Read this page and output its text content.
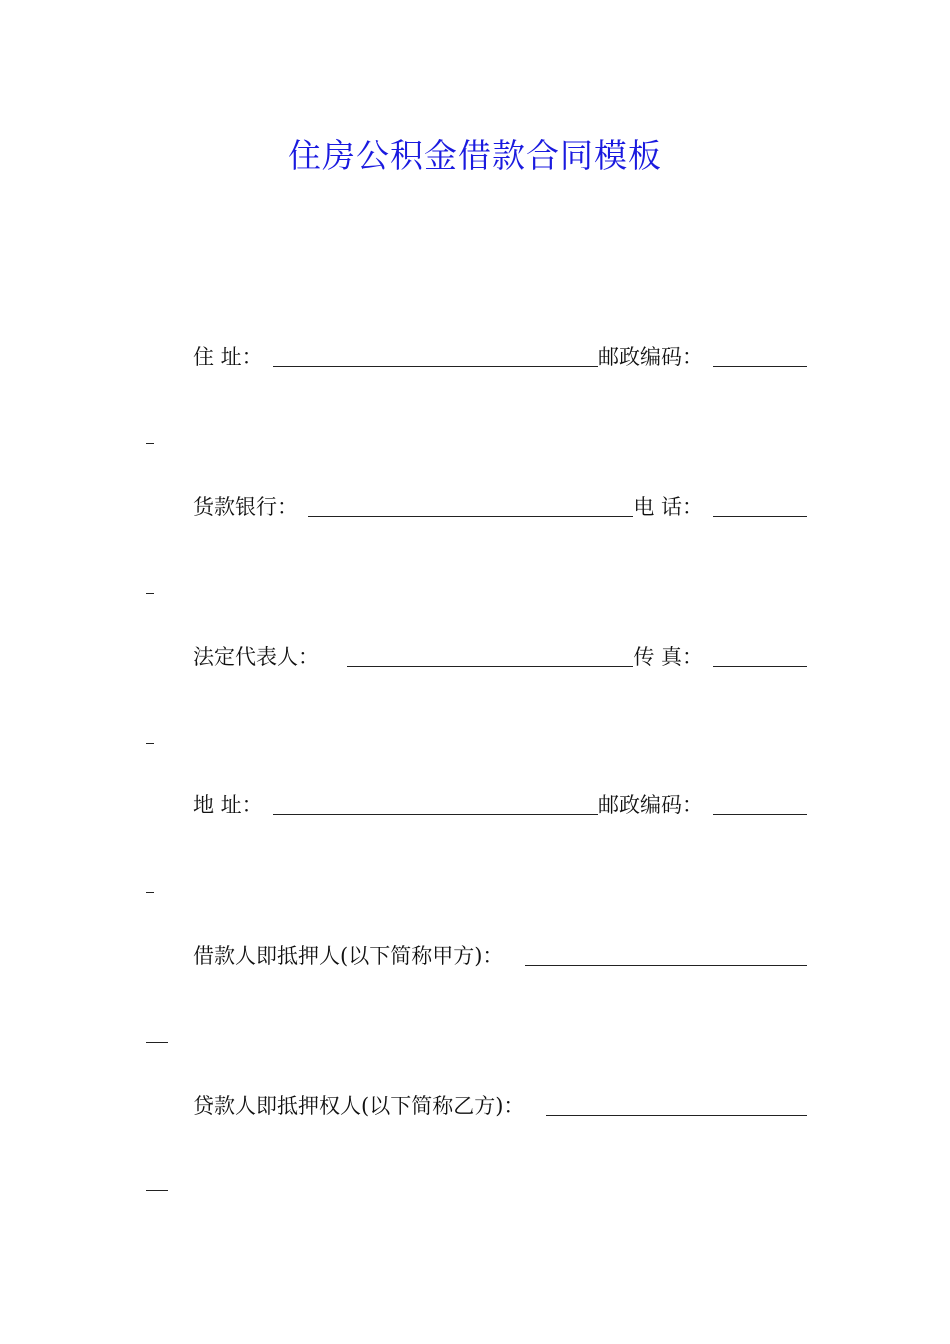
住房公积金借款合同模板
住 址：	邮政编码：
货款银行：	电 话：
法定代表人：	传 真：
地 址：	邮政编码：
借款人即抵押人(以下简称甲方)：
贷款人即抵押权人(以下简称乙方)：
